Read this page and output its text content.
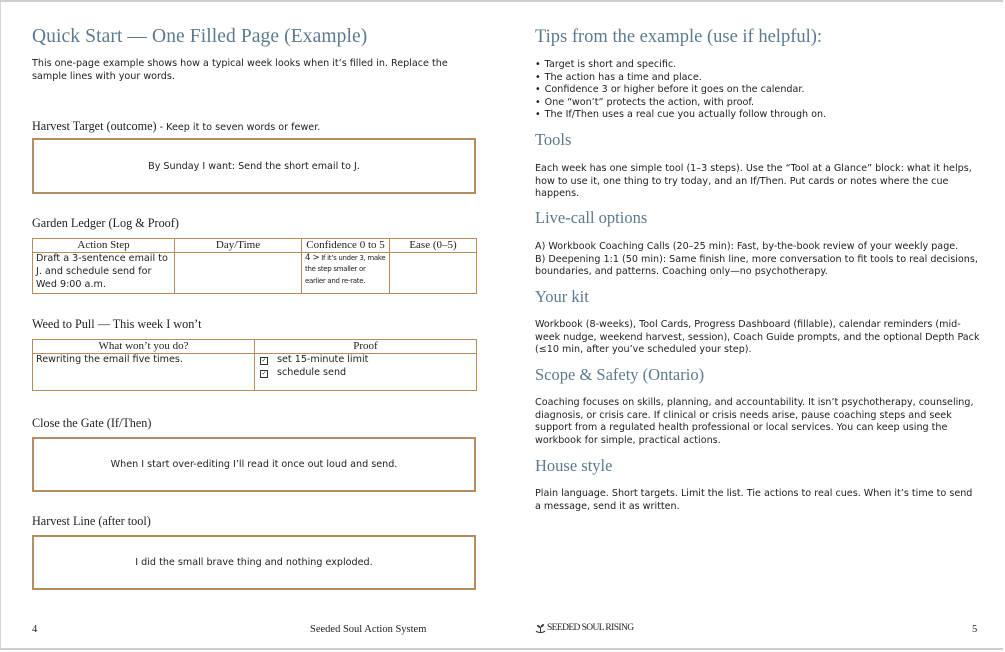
Quick Start — One Filled Page (Example)
This one-page example shows how a typical week looks when it’s filled in. Replace the sample lines with your words.
Harvest Target (outcome) - Keep it to seven words or fewer.
By Sunday I want: Send the short email to J.
Garden Ledger (Log & Proof)
Action Step	Day/Time	Confidence 0 to 5	Ease (0–5)
Draft a 3-sentence email to J. and schedule send for Wed 9:00 a.m.		4 > If it’s under 3, make the step smaller or earlier and re-rate.	
Weed to Pull — This week I won’t
What won’t you do?	Proof
Rewriting the email five times.	✓ set 15-minute limit
✓ schedule send
Close the Gate (If/Then)
When I start over-editing I’ll read it once out loud and send.
Harvest Line (after tool)
I did the small brave thing and nothing exploded.
4	Seeded Soul Action System
Tips from the example (use if helpful):
• Target is short and specific.
• The action has a time and place.
• Confidence 3 or higher before it goes on the calendar.
• One “won’t” protects the action, with proof.
• The If/Then uses a real cue you actually follow through on.
Tools
Each week has one simple tool (1–3 steps). Use the “Tool at a Glance” block: what it helps, how to use it, one thing to try today, and an If/Then. Put cards or notes where the cue happens.
Live-call options
A) Workbook Coaching Calls (20–25 min): Fast, by-the-book review of your weekly page.
B) Deepening 1:1 (50 min): Same finish line, more conversation to fit tools to real decisions, boundaries, and patterns. Coaching only—no psychotherapy.
Your kit
Workbook (8-weeks), Tool Cards, Progress Dashboard (fillable), calendar reminders (mid-week nudge, weekend harvest, session), Coach Guide prompts, and the optional Depth Pack (≤10 min, after you’ve scheduled your step).
Scope & Safety (Ontario)
Coaching focuses on skills, planning, and accountability. It isn’t psychotherapy, counseling, diagnosis, or crisis care. If clinical or crisis needs arise, pause coaching steps and seek support from a regulated health professional or local services. You can keep using the workbook for simple, practical actions.
House style
Plain language. Short targets. Limit the list. Tie actions to real cues. When it’s time to send a message, send it as written.
SEEDED SOUL RISING	5
